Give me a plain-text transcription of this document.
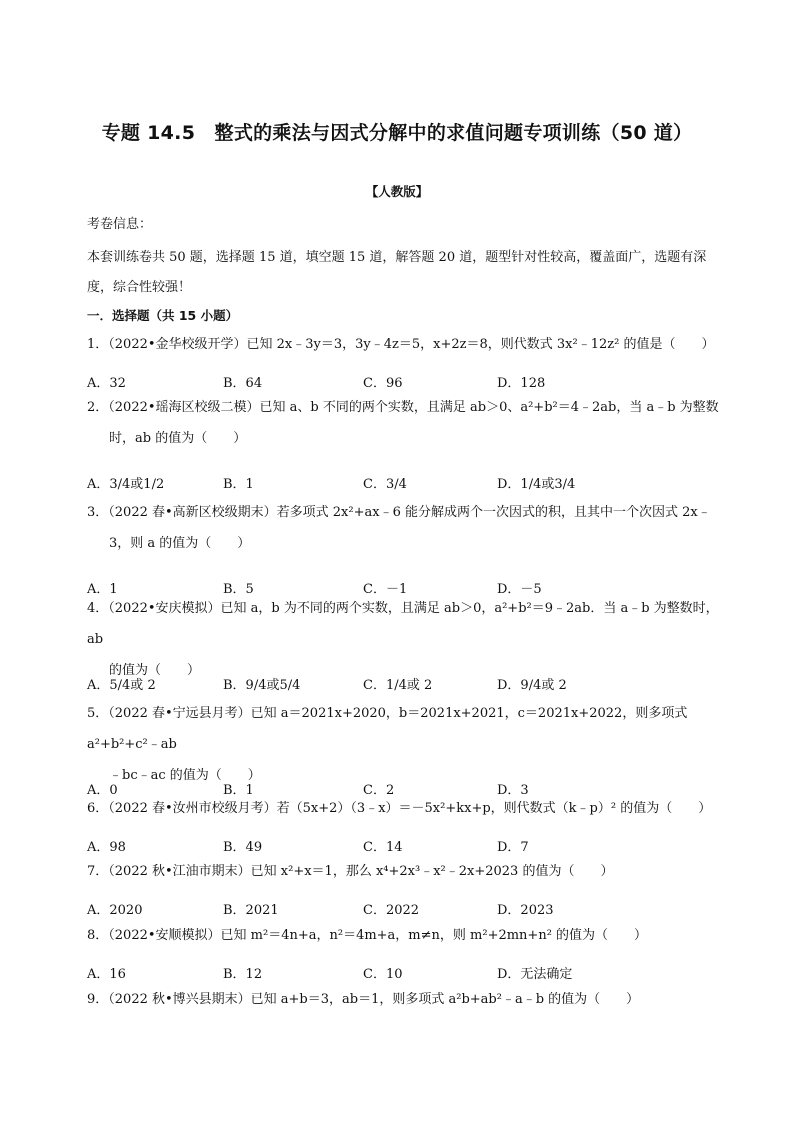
专题 14.5　整式的乘法与因式分解中的求值问题专项训练（50 道）
【人教版】
考卷信息：
本套训练卷共 50 题，选择题 15 道，填空题 15 道，解答题 20 道，题型针对性较高，覆盖面广，选题有深度，综合性较强！
一．选择题（共 15 小题）
1．（2022•金华校级开学）已知 2x﹣3y＝3，3y﹣4z＝5，x+2z＝8，则代数式 3x²﹣12z² 的值是（　　）
A．32	B．64	C．96	D．128
2．（2022•瑶海区校级二模）已知 a、b 不同的两个实数，且满足 ab＞0、a²+b²＝4﹣2ab，当 a﹣b 为整数
时，ab 的值为（　　）
A．3/4或1/2	B．1	C．3/4	D．1/4或3/4
3．（2022 春•高新区校级期末）若多项式 2x²+ax﹣6 能分解成两个一次因式的积，且其中一个次因式 2x﹣
3，则 a 的值为（　　）
A．1	B．5	C．－1	D．－5
4．（2022•安庆模拟）已知 a，b 为不同的两个实数，且满足 ab＞0，a²+b²＝9﹣2ab．当 a﹣b 为整数时，ab
的值为（　　）
A．5/4或 2	B．9/4或5/4	C．1/4或 2	D．9/4或 2
5．（2022 春•宁远县月考）已知 a＝2021x+2020，b＝2021x+2021，c＝2021x+2022，则多项式 a²+b²+c²﹣ab
﹣bc﹣ac 的值为（　　）
A．0	B．1	C．2	D．3
6．（2022 春•汝州市校级月考）若（5x+2）（3﹣x）＝－5x²+kx+p，则代数式（k﹣p）² 的值为（　　）
A．98	B．49	C．14	D．7
7．（2022 秋•江油市期末）已知 x²+x＝1，那么 x⁴+2x³﹣x²﹣2x+2023 的值为（　　）
A．2020	B．2021	C．2022	D．2023
8．（2022•安顺模拟）已知 m²＝4n+a，n²＝4m+a，m≠n，则 m²+2mn+n² 的值为（　　）
A．16	B．12	C．10	D．无法确定
9．（2022 秋•博兴县期末）已知 a+b＝3，ab＝1，则多项式 a²b+ab²﹣a﹣b 的值为（　　）
